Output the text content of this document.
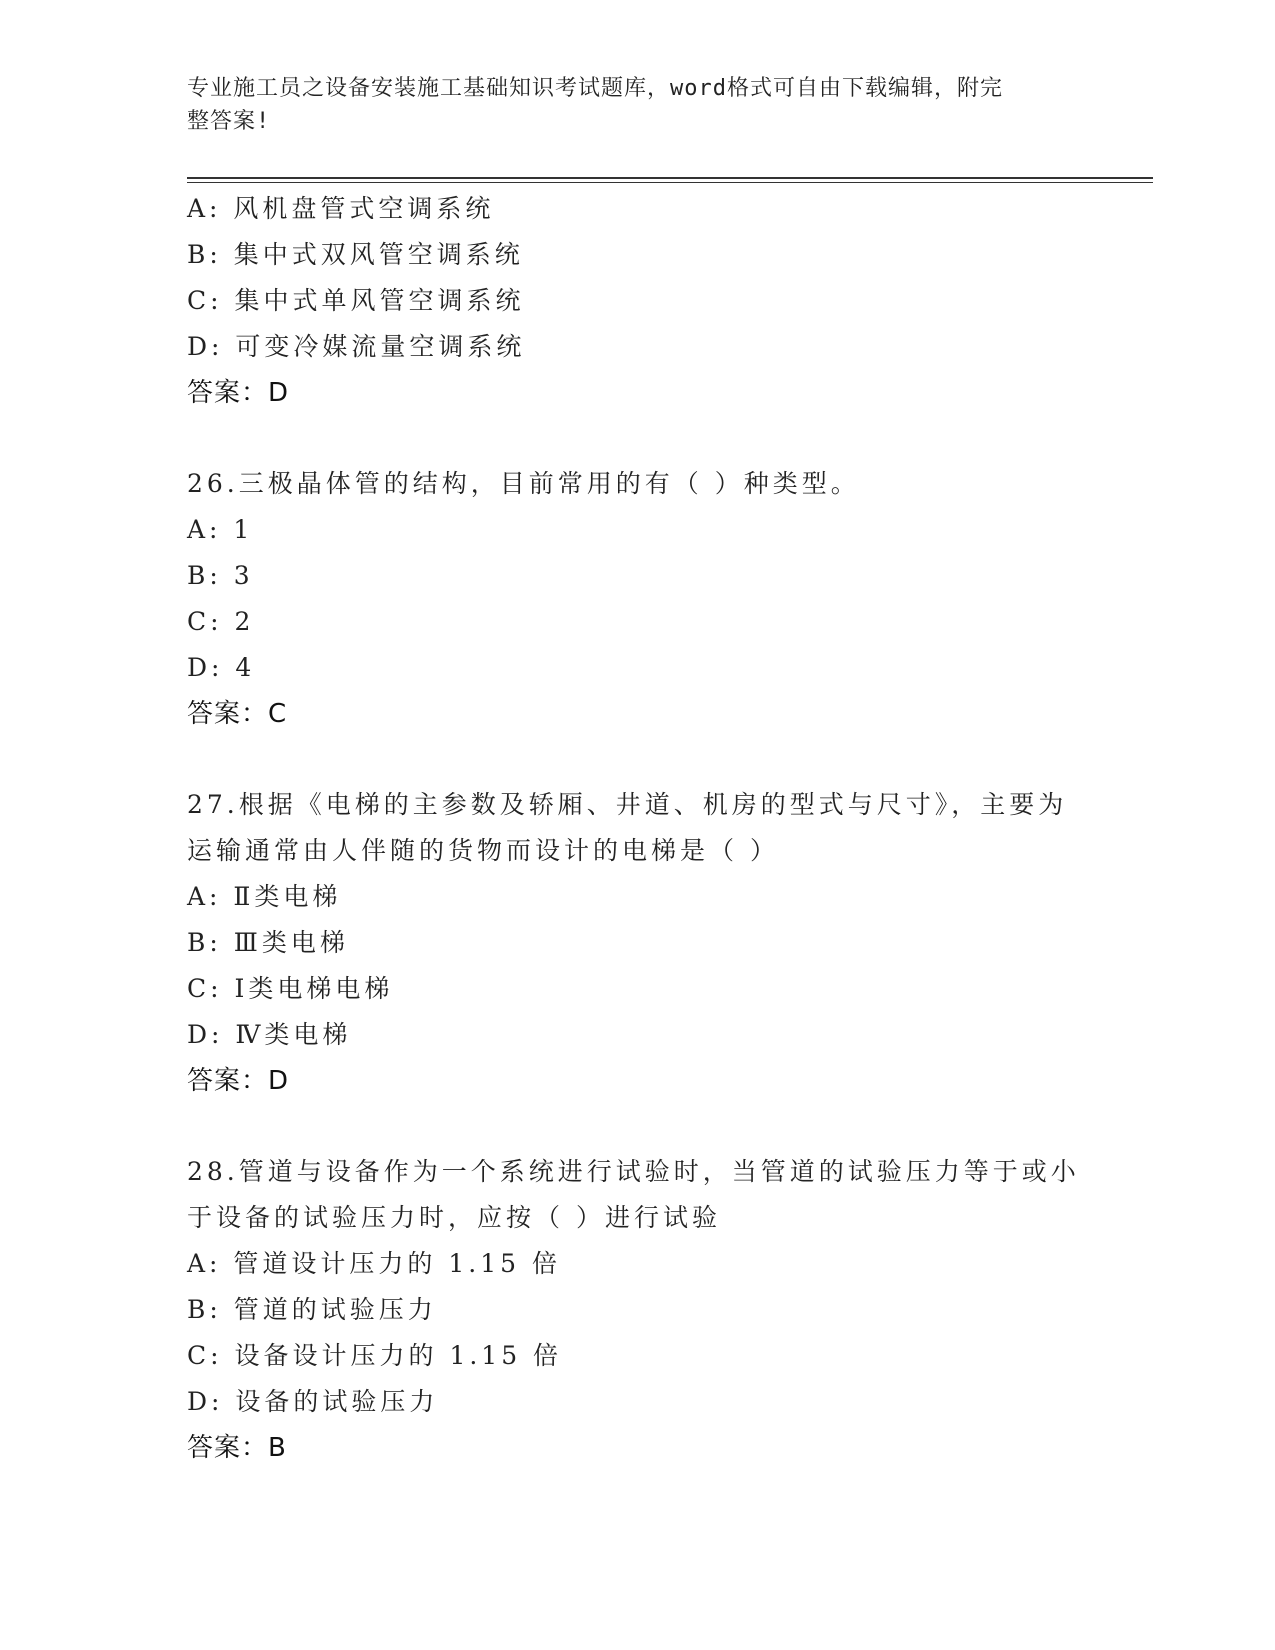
专业施工员之设备安装施工基础知识考试题库，word格式可自由下载编辑，附完
整答案!
A: 风机盘管式空调系统
B: 集中式双风管空调系统
C: 集中式单风管空调系统
D: 可变冷媒流量空调系统
答案：D
26.三极晶体管的结构，目前常用的有（ ）种类型。
A: 1
B: 3
C: 2
D: 4
答案：C
27.根据《电梯的主参数及轿厢、井道、机房的型式与尺寸》，主要为
运输通常由人伴随的货物而设计的电梯是（ ）
A: Ⅱ类电梯
B: Ⅲ类电梯
C: Ⅰ类电梯电梯
D: Ⅳ类电梯
答案：D
28.管道与设备作为一个系统进行试验时，当管道的试验压力等于或小
于设备的试验压力时，应按（ ）进行试验
A: 管道设计压力的 1.15 倍
B: 管道的试验压力
C: 设备设计压力的 1.15 倍
D: 设备的试验压力
答案：B
